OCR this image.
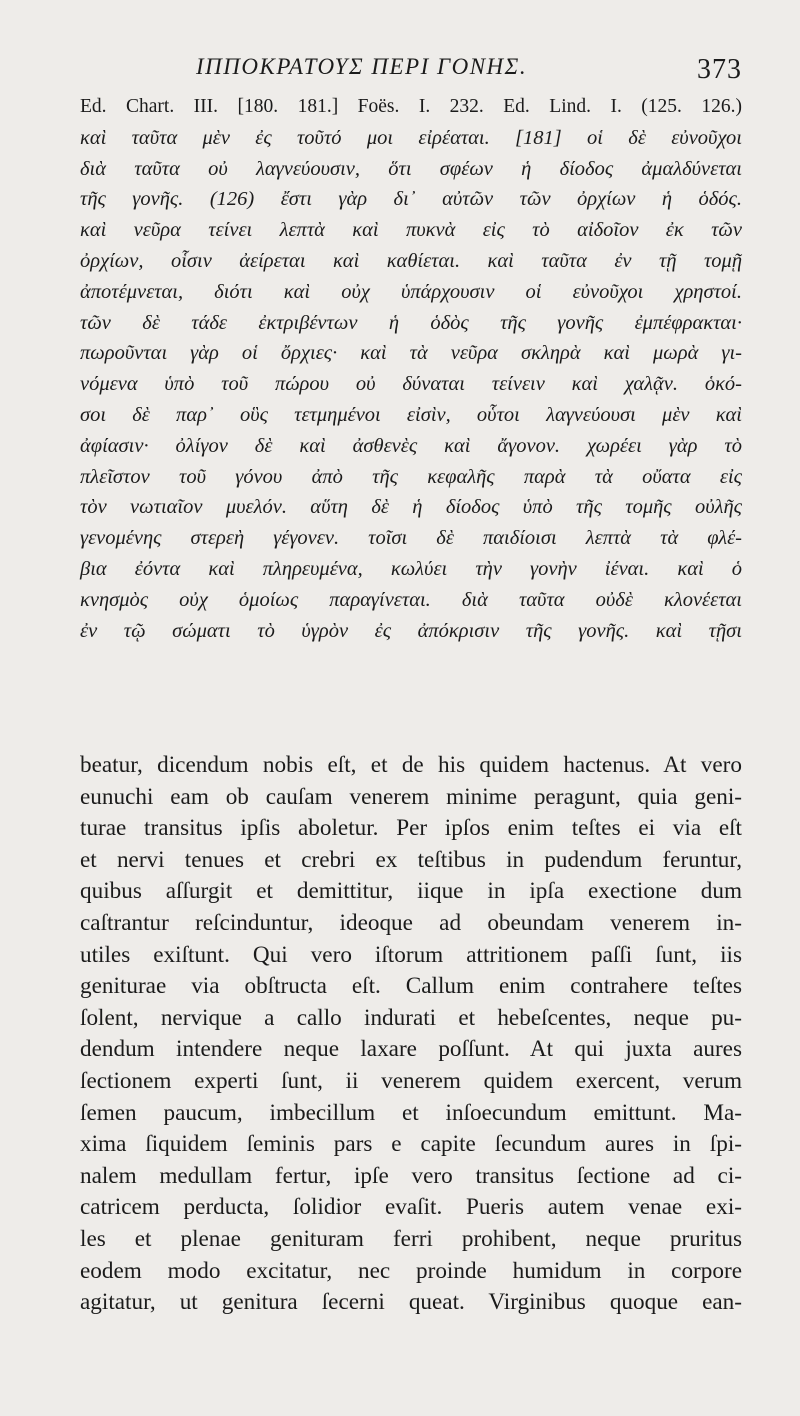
ΙΠΠΟΚΡΑΤΟΥΣ ΠΕΡΙ ΓΟΝΗΣ.	373
Ed. Chart. III. [180. 181.] Foës. I. 232. Ed. Lind. I. (125. 126.)
καὶ ταῦτα μὲν ἐς τοῦτό μοι εἰρέαται. [181] οἱ δὲ εὐνοῦχοι
διὰ ταῦτα οὐ λαγνεύουσιν, ὅτι σφέων ἡ δίοδος ἀμαλδύνεται
τῆς γονῆς. (126) ἔστι γὰρ δι᾽ αὐτῶν τῶν ὀρχίων ἡ ὁδός.
καὶ νεῦρα τείνει λεπτὰ καὶ πυκνὰ εἰς τὸ αἰδοῖον ἐκ τῶν
ὀρχίων, οἷσιν ἀείρεται καὶ καθίεται. καὶ ταῦτα ἐν τῇ τομῇ
ἀποτέμνεται, διότι καὶ οὐχ ὑπάρχουσιν οἱ εὐνοῦχοι χρηστοί.
τῶν δὲ τάδε ἐκτριβέντων ἡ ὁδὸς τῆς γονῆς ἐμπέφρακται·
πωροῦνται γὰρ οἱ ὄρχιες· καὶ τὰ νεῦρα σκληρὰ καὶ μωρὰ γι-
νόμενα ὑπὸ τοῦ πώρου οὐ δύναται τείνειν καὶ χαλᾷν. ὁκό-
σοι δὲ παρ᾽ οὓς τετμημένοι εἰσὶν, οὗτοι λαγνεύουσι μὲν καὶ
ἀφίασιν· ὀλίγον δὲ καὶ ἀσθενὲς καὶ ἄγονον. χωρέει γὰρ τὸ
πλεῖστον τοῦ γόνου ἀπὸ τῆς κεφαλῆς παρὰ τὰ οὔατα εἰς
τὸν νωτιαῖον μυελόν. αὕτη δὲ ἡ δίοδος ὑπὸ τῆς τομῆς οὐλῆς
γενομένης στερεὴ γέγονεν. τοῖσι δὲ παιδίοισι λεπτὰ τὰ φλέ-
βια ἐόντα καὶ πληρευμένα, κωλύει τὴν γονὴν ἰέναι. καὶ ὁ
κνησμὸς οὐχ ὁμοίως παραγίνεται. διὰ ταῦτα οὐδὲ κλονέεται
ἐν τῷ σώματι τὸ ὑγρὸν ἐς ἀπόκρισιν τῆς γονῆς. καὶ τῇσι
beatur, dicendum nobis eſt, et de his quidem hactenus. At vero
eunuchi eam ob cauſam venerem minime peragunt, quia geni-
turae transitus ipſis aboletur. Per ipſos enim teſtes ei via eſt
et nervi tenues et crebri ex teſtibus in pudendum feruntur,
quibus aſſurgit et demittitur, iique in ipſa exectione dum
caſtrantur reſcinduntur, ideoque ad obeundam venerem in-
utiles exiſtunt. Qui vero iſtorum attritionem paſſi ſunt, iis
geniturae via obſtructa eſt. Callum enim contrahere teſtes
ſolent, nervique a callo indurati et hebeſcentes, neque pu-
dendum intendere neque laxare poſſunt. At qui juxta aures
ſectionem experti ſunt, ii venerem quidem exercent, verum
ſemen paucum, imbecillum et inſoecundum emittunt. Ma-
xima ſiquidem ſeminis pars e capite ſecundum aures in ſpi-
nalem medullam fertur, ipſe vero transitus ſectione ad ci-
catricem perducta, ſolidior evaſit. Pueris autem venae exi-
les et plenae genituram ferri prohibent, neque pruritus
eodem modo excitatur, nec proinde humidum in corpore
agitatur, ut genitura ſecerni queat. Virginibus quoque ean-
